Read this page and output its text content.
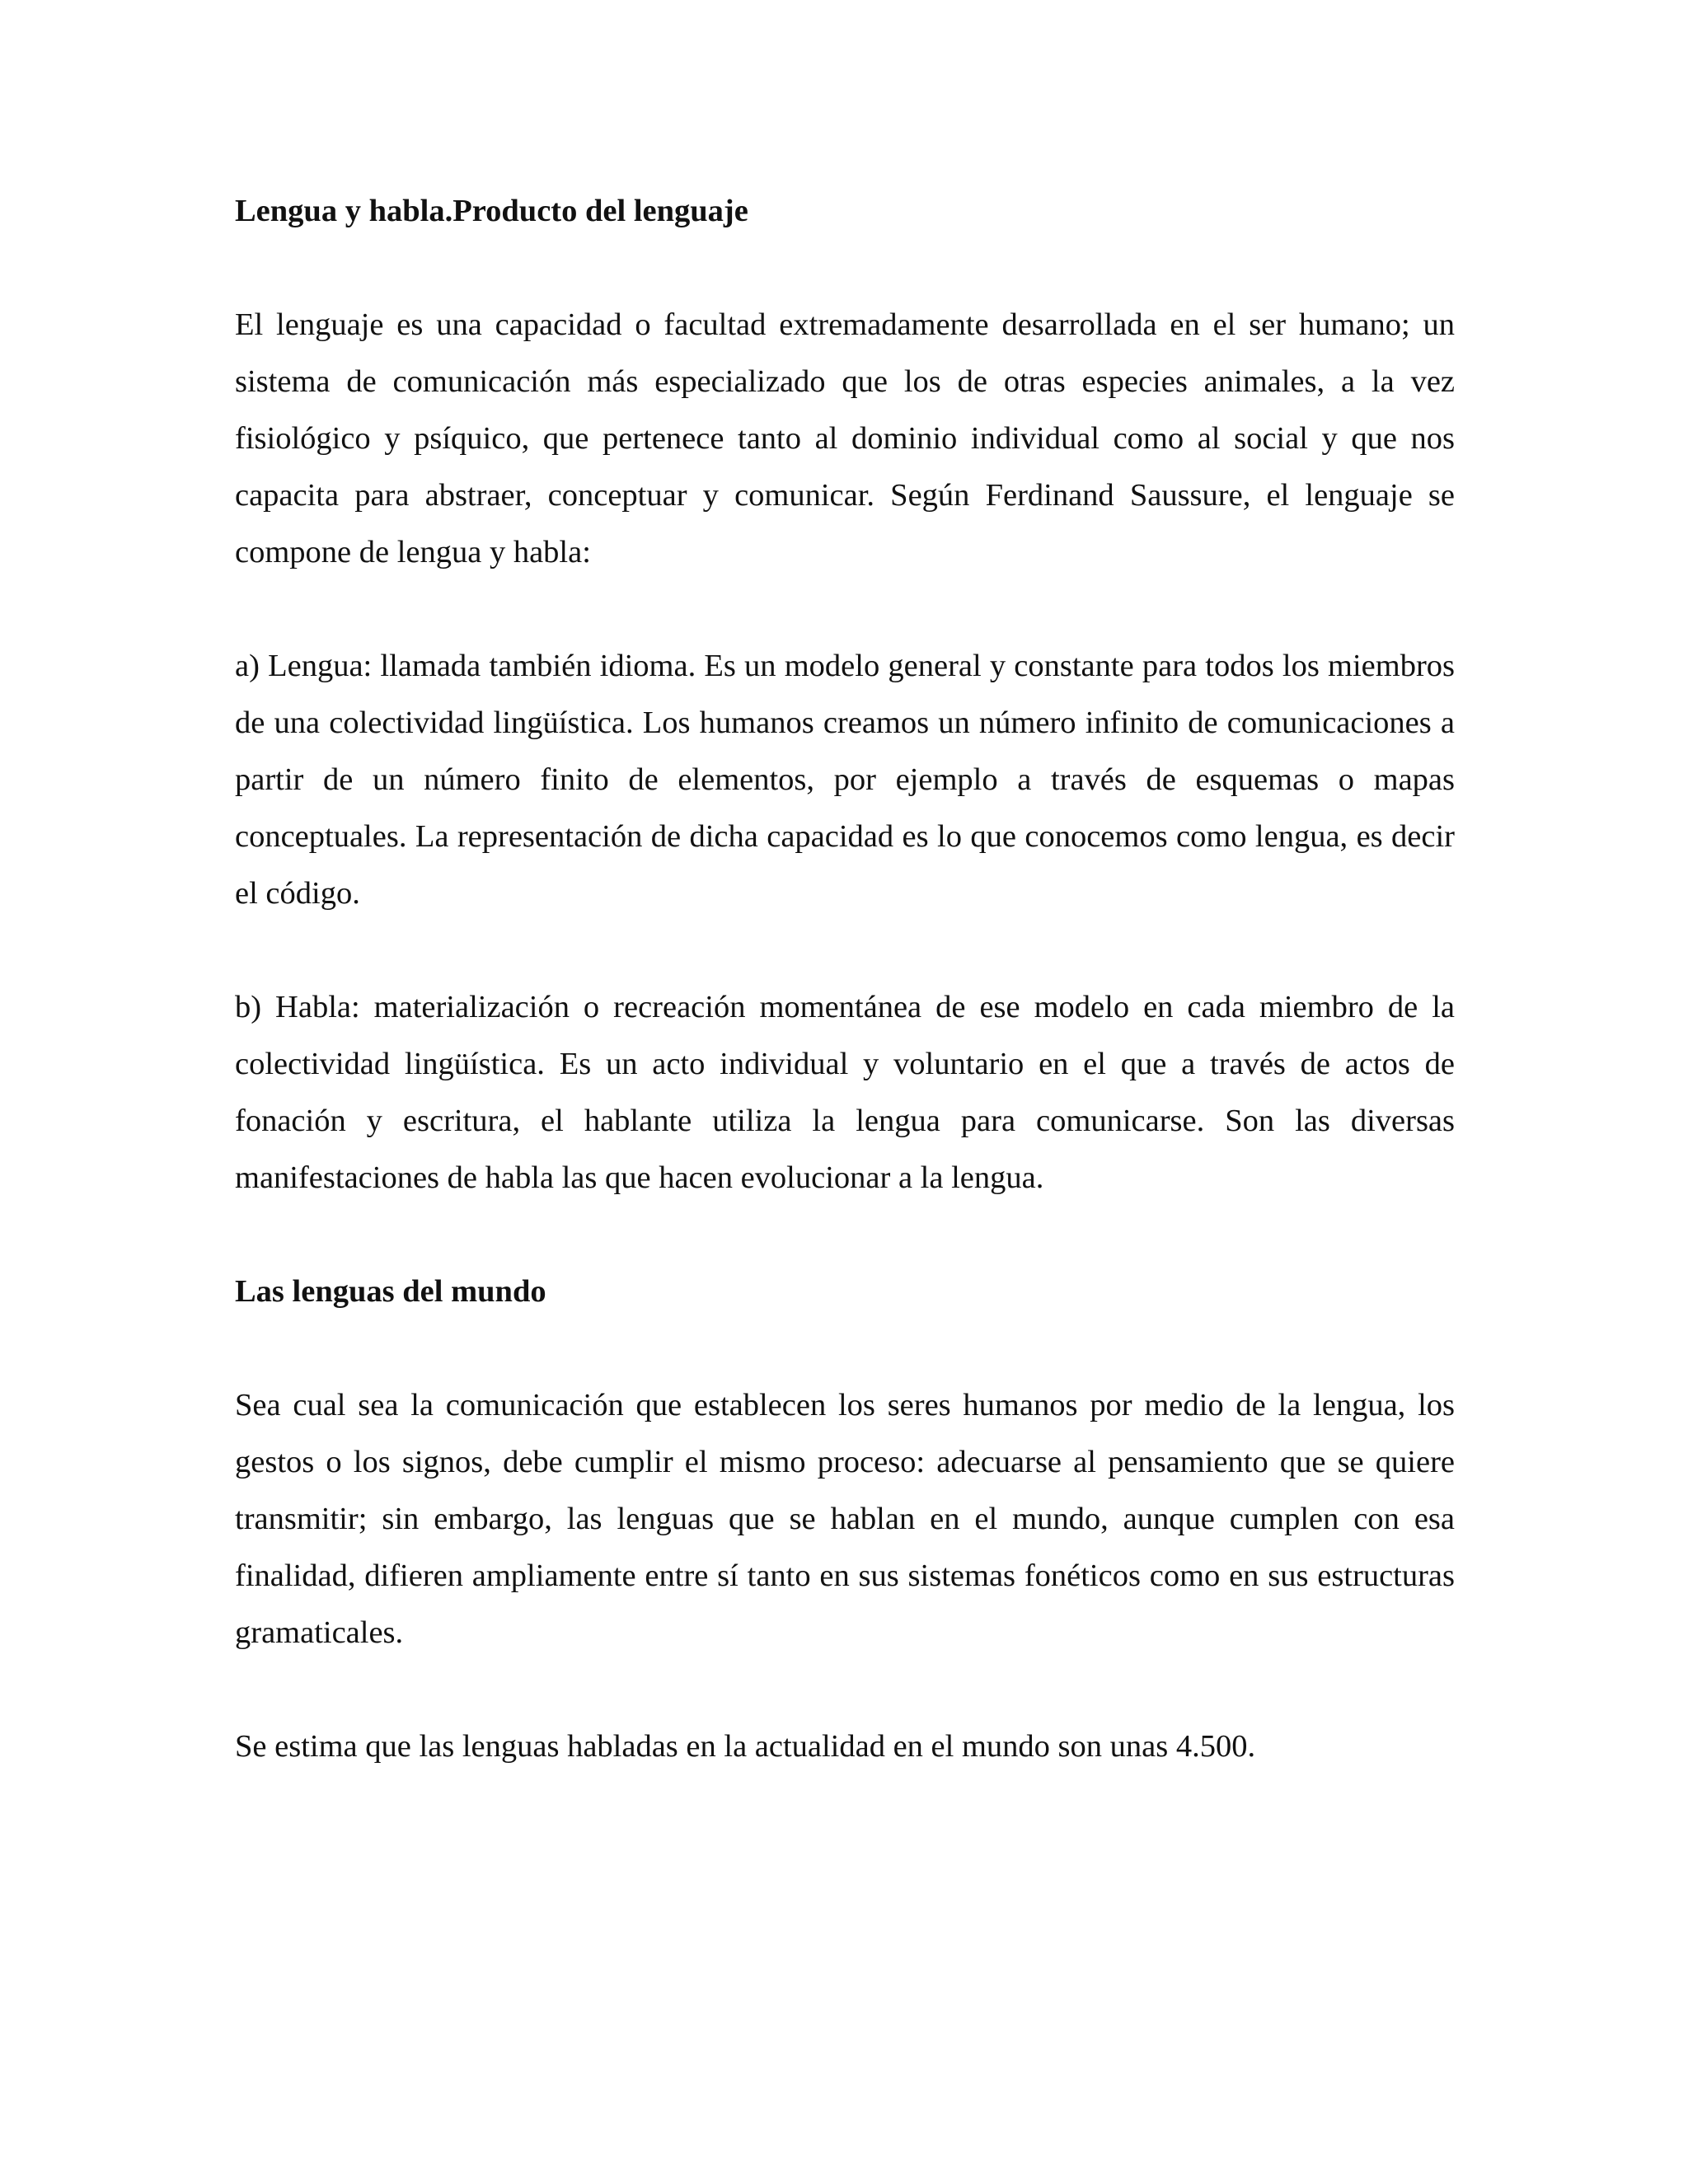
Lengua y habla.Producto del lenguaje

El lenguaje es una capacidad o facultad extremadamente desarrollada en el ser humano; un sistema de comunicación más especializado que los de otras especies animales, a la vez fisiológico y psíquico, que pertenece tanto al dominio individual como al social y que nos capacita para abstraer, conceptuar y comunicar. Según Ferdinand Saussure, el lenguaje se compone de lengua y habla:

a) Lengua: llamada también idioma. Es un modelo general y constante para todos los miembros de una colectividad lingüística. Los humanos creamos un número infinito de comunicaciones a partir de un número finito de elementos, por ejemplo a través de esquemas o mapas conceptuales. La representación de dicha capacidad es lo que conocemos como lengua, es decir el código.

b) Habla: materialización o recreación momentánea de ese modelo en cada miembro de la colectividad lingüística. Es un acto individual y voluntario en el que a través de actos de fonación y escritura, el hablante utiliza la lengua para comunicarse. Son las diversas manifestaciones de habla las que hacen evolucionar a la lengua.

Las lenguas del mundo

Sea cual sea la comunicación que establecen los seres humanos por medio de la lengua, los gestos o los signos, debe cumplir el mismo proceso: adecuarse al pensamiento que se quiere transmitir; sin embargo, las lenguas que se hablan en el mundo, aunque cumplen con esa finalidad, difieren ampliamente entre sí tanto en sus sistemas fonéticos como en sus estructuras gramaticales.

Se estima que las lenguas habladas en la actualidad en el mundo son unas 4.500.
